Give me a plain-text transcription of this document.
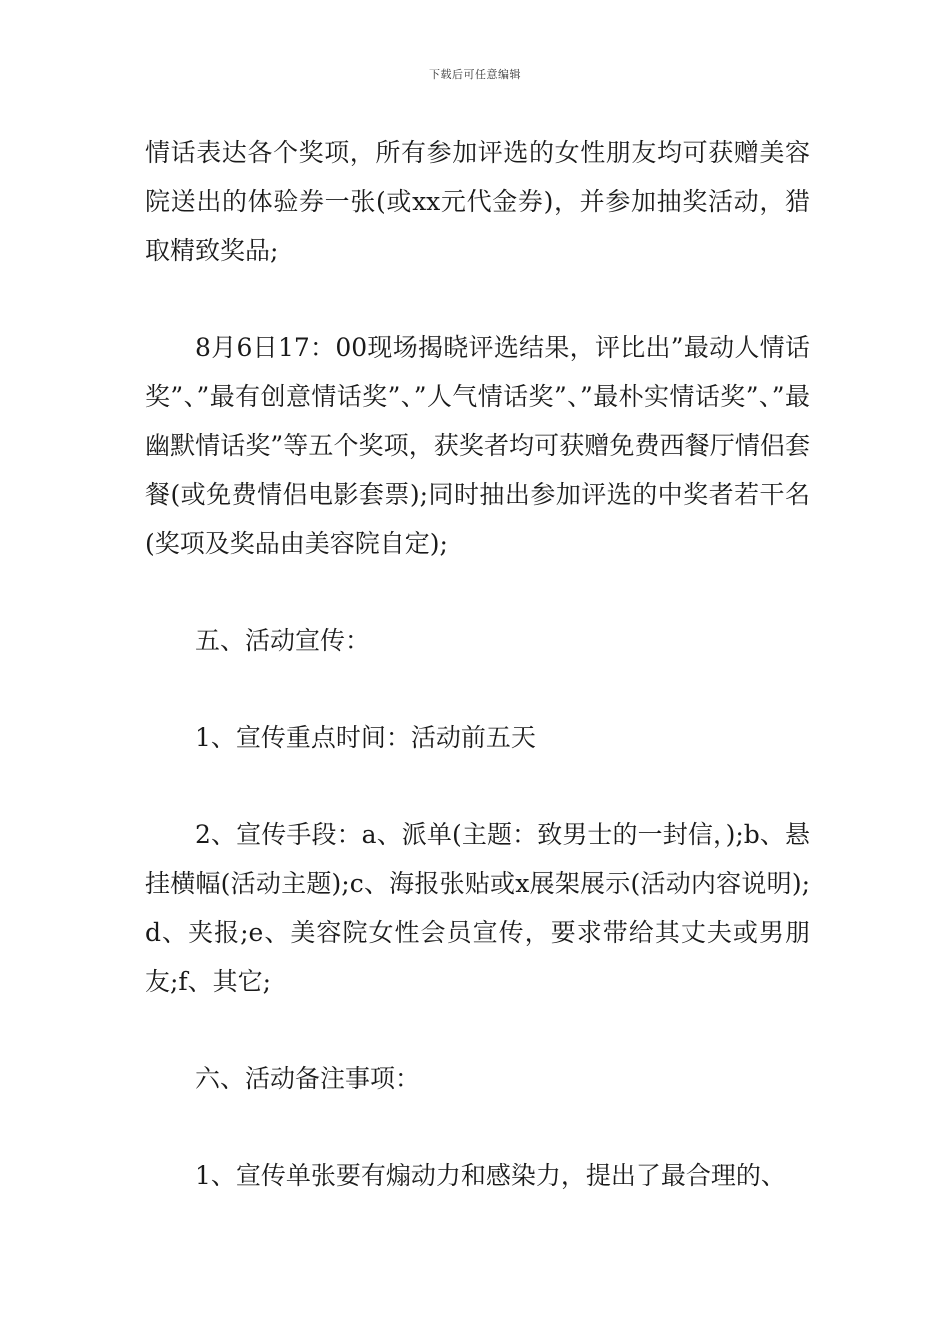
下载后可任意编辑

情话表达各个奖项，所有参加评选的女性朋友均可获赠美容院送出的体验券一张(或xx元代金券)，并参加抽奖活动，猎取精致奖品;

8月6日17：00现场揭晓评选结果，评比出”最动人情话奖”、”最有创意情话奖”、”人气情话奖”、”最朴实情话奖”、”最幽默情话奖”等五个奖项，获奖者均可获赠免费西餐厅情侣套餐(或免费情侣电影套票);同时抽出参加评选的中奖者若干名(奖项及奖品由美容院自定);

五、活动宣传：

1、宣传重点时间：活动前五天

2、宣传手段：a、派单(主题：致男士的一封信，);b、悬挂横幅(活动主题);c、海报张贴或x展架展示(活动内容说明);d、夹报;e、美容院女性会员宣传，要求带给其丈夫或男朋友;f、其它;

六、活动备注事项：

1、宣传单张要有煽动力和感染力，提出了最合理的、
